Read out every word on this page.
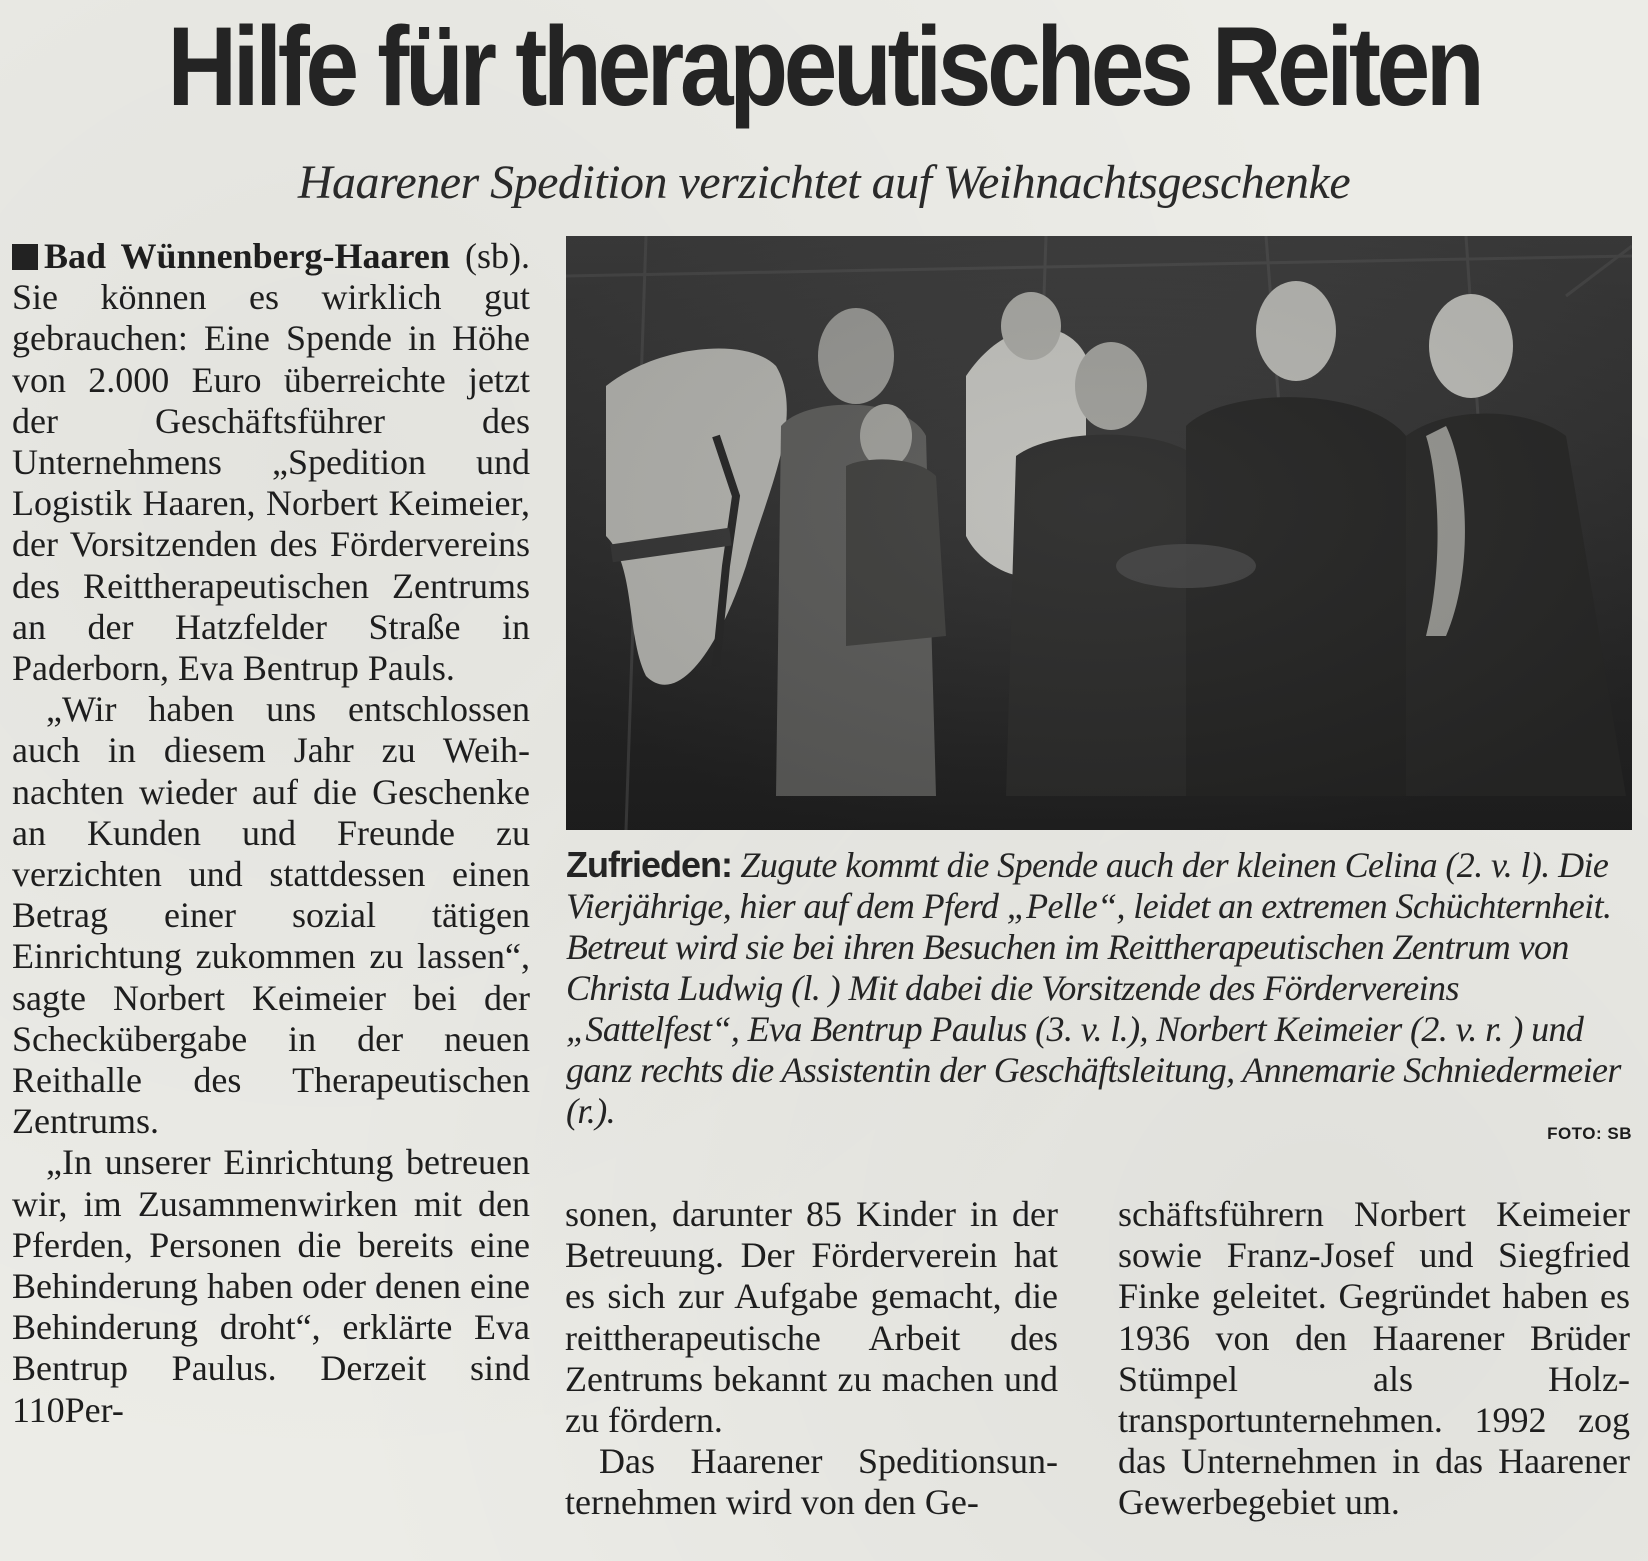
Hilfe für therapeutisches Reiten
Haarener Spedition verzichtet auf Weihnachtsgeschenke

Bad Wünnenberg-Haaren (sb). Sie können es wirklich gut gebrauchen: Eine Spende in Höhe von 2.000 Euro überreichte jetzt der Geschäftsführer des Unternehmens „Spedition und Logistik Haaren, Norbert Keimeier, der Vorsitzenden des Fördervereins des Reittherapeutischen Zentrums an der Hatzfelder Straße in Paderborn, Eva Bentrup Pauls.

„Wir haben uns entschlossen auch in diesem Jahr zu Weihnachten wieder auf die Geschenke an Kunden und Freunde zu verzichten und stattdessen einen Betrag einer sozial tätigen Einrichtung zukommen zu lassen“, sagte Norbert Keimeier bei der Scheckübergabe in der neuen Reithalle des Therapeutischen Zentrums.

„In unserer Einrichtung betreuen wir, im Zusammenwirken mit den Pferden, Personen die bereits eine Behinderung haben oder denen eine Behinderung droht“, erklärte Eva Bentrup Paulus. Derzeit sind 110Per-

Zufrieden: Zugute kommt die Spende auch der kleinen Celina (2. v. l). Die Vierjährige, hier auf dem Pferd „Pelle“, leidet an extremen Schüchternheit. Betreut wird sie bei ihren Besuchen im Reittherapeutischen Zentrum von Christa Ludwig (l. ) Mit dabei die Vorsitzende des Fördervereins „Sattelfest“, Eva Bentrup Paulus (3. v. l.), Norbert Keimeier (2. v. r. ) und ganz rechts die Assistentin der Geschäftsleitung, Annemarie Schniedermeier (r.).
FOTO: SB

sonen, darunter 85 Kinder in der Betreuung. Der Förderverein hat es sich zur Aufgabe gemacht, die reittherapeutische Arbeit des Zentrums bekannt zu machen und zu fördern.

Das Haarener Speditionsunternehmen wird von den Ge-

schäftsführern Norbert Keimeier sowie Franz-Josef und Siegfried Finke geleitet. Gegründet haben es 1936 von den Haarener Brüder Stümpel als Holztransportunternehmen. 1992 zog das Unternehmen in das Haarener Gewerbegebiet um.
